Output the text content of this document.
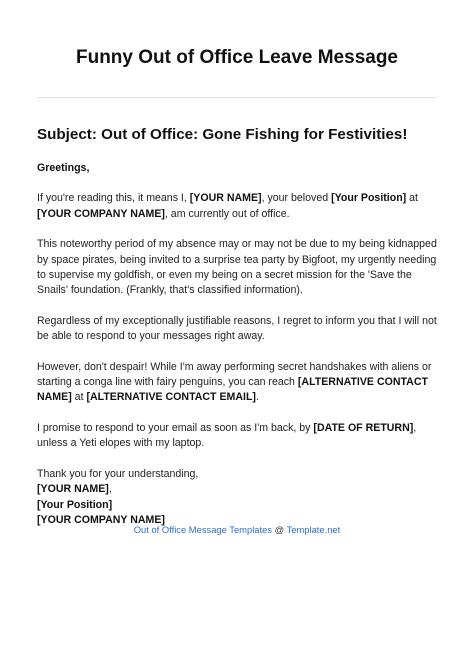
Funny Out of Office Leave Message
Subject: Out of Office: Gone Fishing for Festivities!

Greetings,

If you're reading this, it means I, [YOUR NAME], your beloved [Your Position] at [YOUR COMPANY NAME], am currently out of office.

This noteworthy period of my absence may or may not be due to my being kidnapped by space pirates, being invited to a surprise tea party by Bigfoot, my urgently needing to supervise my goldfish, or even my being on a secret mission for the 'Save the Snails' foundation. (Frankly, that's classified information).

Regardless of my exceptionally justifiable reasons, I regret to inform you that I will not be able to respond to your messages right away.

However, don't despair! While I'm away performing secret handshakes with aliens or starting a conga line with fairy penguins, you can reach [ALTERNATIVE CONTACT NAME] at [ALTERNATIVE CONTACT EMAIL].

I promise to respond to your email as soon as I'm back, by [DATE OF RETURN], unless a Yeti elopes with my laptop.

Thank you for your understanding,
[YOUR NAME],
[Your Position]
[YOUR COMPANY NAME]
Out of Office Message Templates @ Template.net
